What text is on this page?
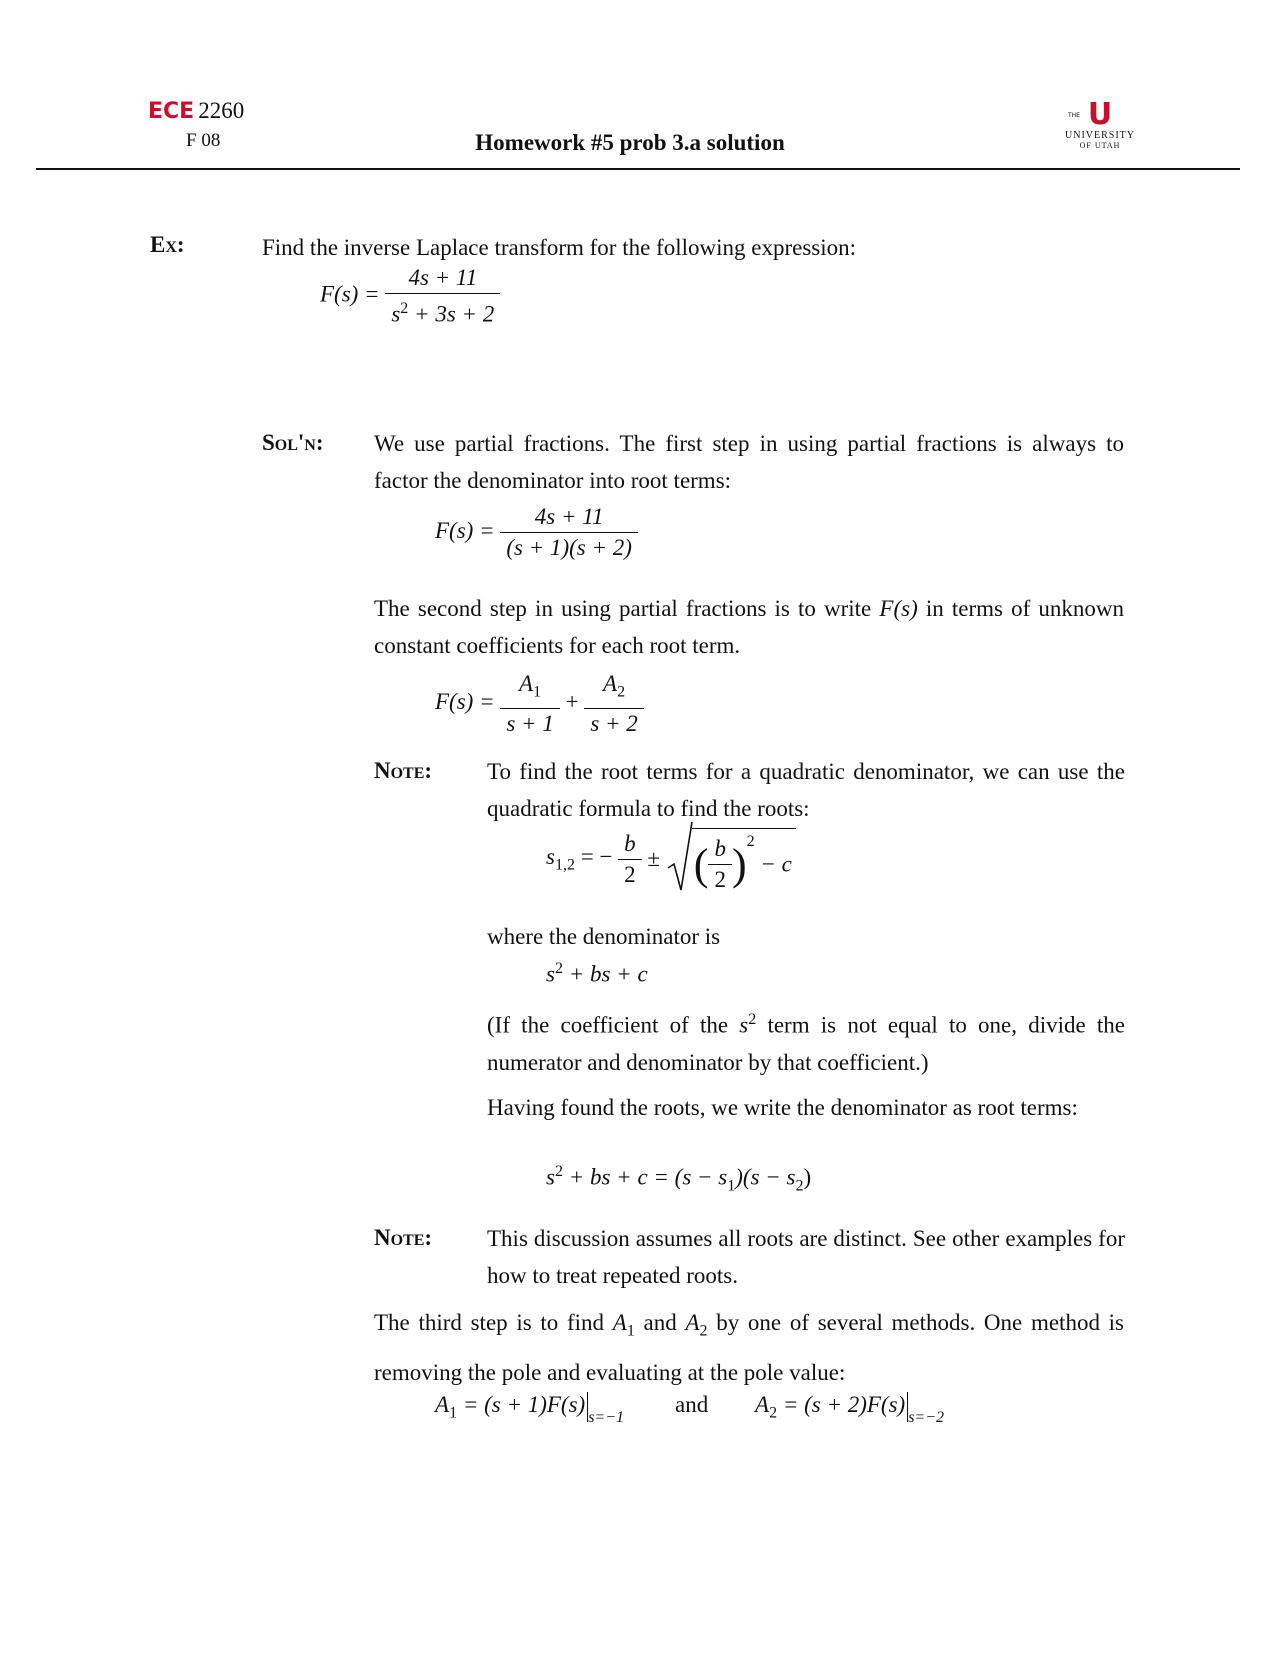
ECE 2260
F 08	Homework #5 prob 3.a solution
THE U
UNIVERSITY
OF UTAH
Ex:	Find the inverse Laplace transform for the following expression:
$F(s) = \frac{4s + 11}{s^2 + 3s + 2}$
Sol'n: We use partial fractions. The first step in using partial fractions is always to factor the denominator into root terms:
$F(s) = \frac{4s + 11}{(s + 1)(s + 2)}$
The second step in using partial fractions is to write F(s) in terms of unknown constant coefficients for each root term.
$F(s) = \frac{A_1}{s + 1} + \frac{A_2}{s + 2}$
Note: To find the root terms for a quadratic denominator, we can use the quadratic formula to find the roots:
$s_{1,2}$ = − $\frac{b}{2}$ ± ( $\frac{b}{2} )^2 - c$
where the denominator is
$s^2$ + bs + c
(If the coefficient of the $s^2$ term is not equal to one, divide the numerator and denominator by that coefficient.)
Having found the roots, we write the denominator as root terms:
$s^2$ + bs + $c = (s - s_1)(s - s_2)$
Note: This discussion assumes all roots are distinct. See other examples for how to treat repeated roots.
The third step is to find $A_1$ and $A_2$ by one of several methods. One method is removing the pole and evaluating at the pole value:
$A_1 = (s + 1)F(s)_{s=-1}$
and $A_2 = (s + 2)F(s)_{s=-2}$
